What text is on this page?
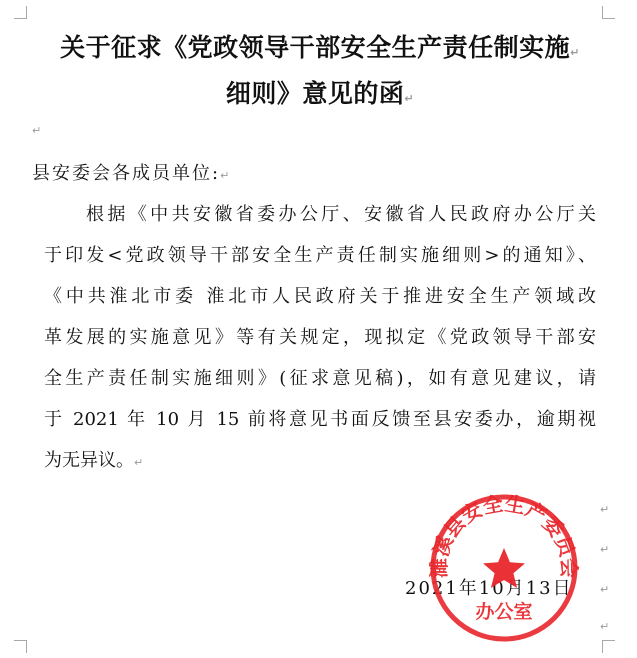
关于征求《党政领导干部安全生产责任制实施↵
细则》意见的函↵
↵
县安委会各成员单位:↵
根据《中共安徽省委办公厅、安徽省人民政府办公厅关
于印发<党政领导干部安全生产责任制实施细则>的通知》、
《中共淮北市委 淮北市人民政府关于推进安全生产领域改
革发展的实施意见》等有关规定，现拟定《党政领导干部安
全生产责任制实施细则》(征求意见稿)，如有意见建议，请
于 2021 年 10 月 15 前将意见书面反馈至县安委办，逾期视
为无异议。↵
↵
↵
↵
↵
2021年10月13日
濉溪县安全生产委员会
办公室
